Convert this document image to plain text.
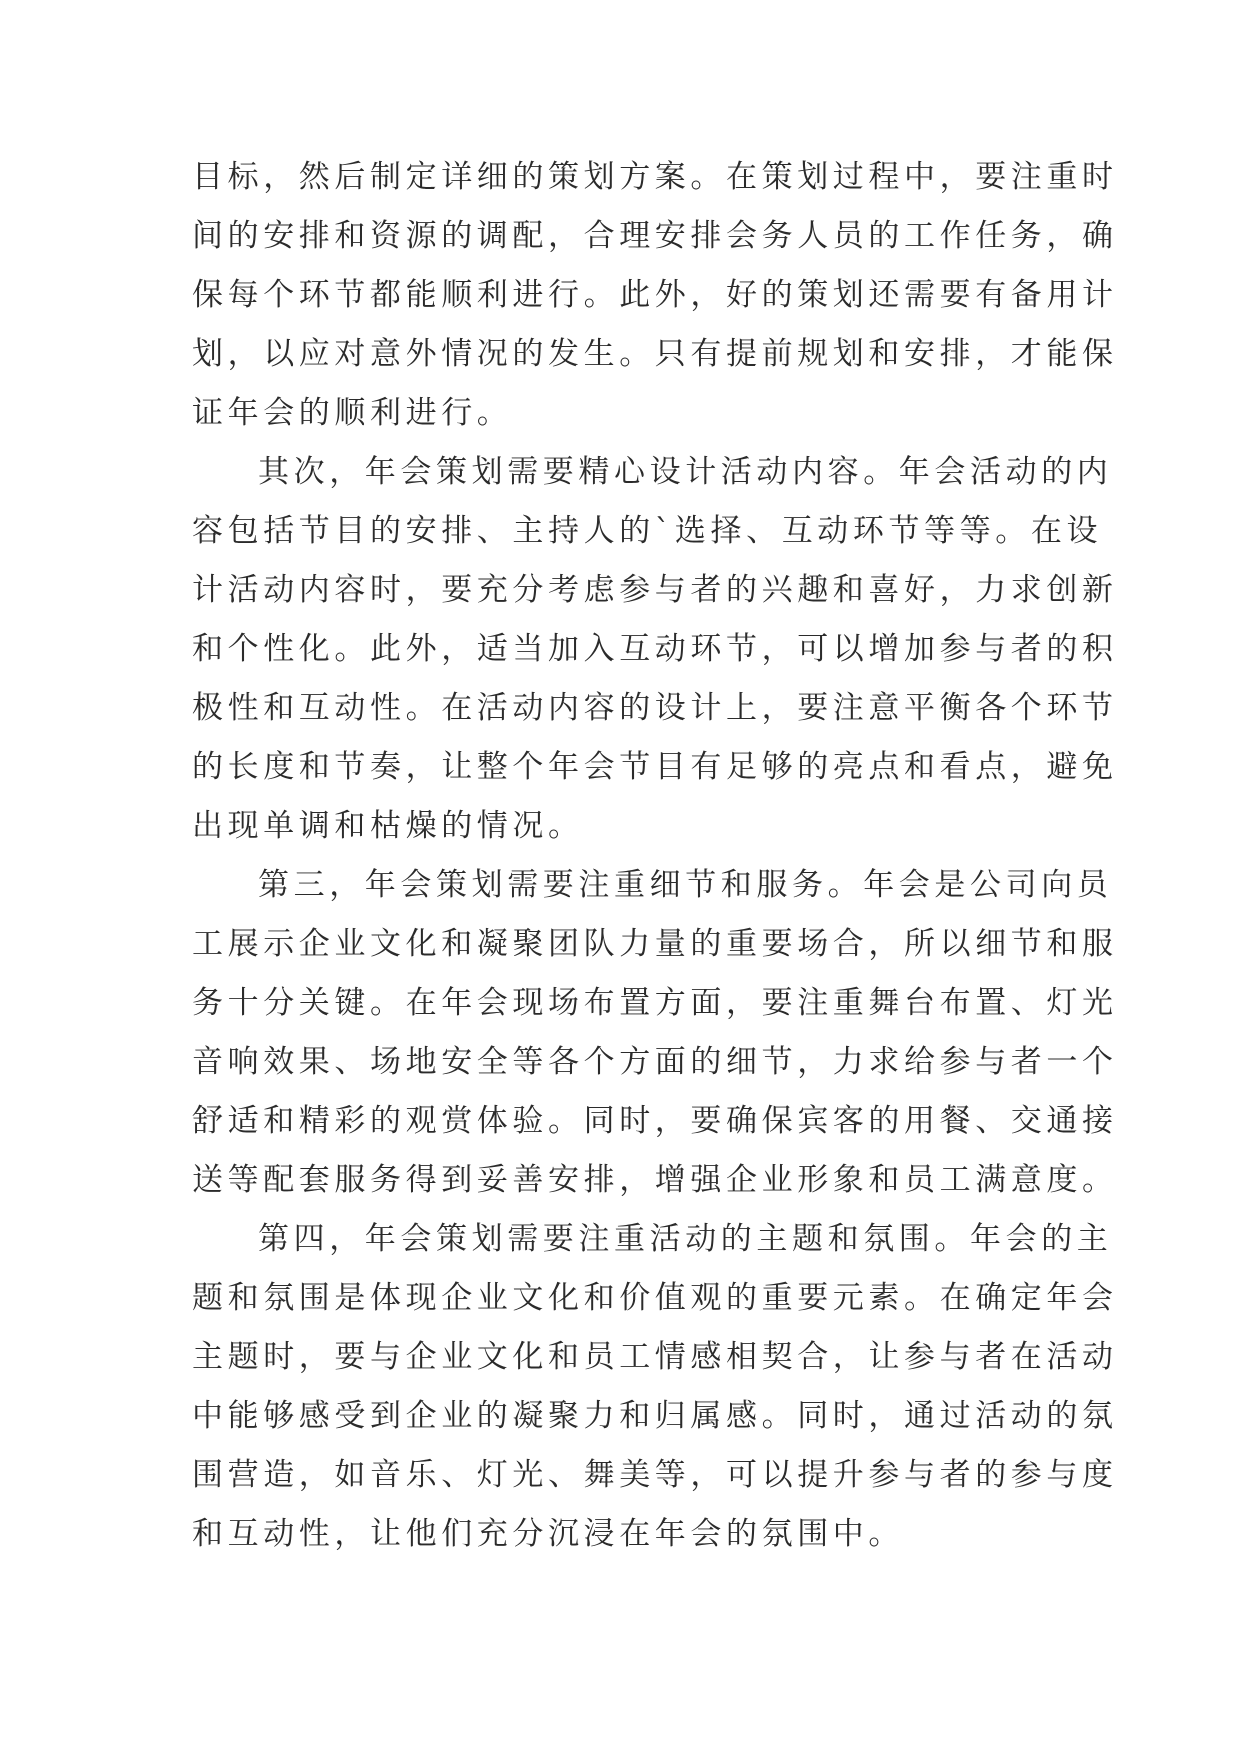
目标，然后制定详细的策划方案。在策划过程中，要注重时
间的安排和资源的调配，合理安排会务人员的工作任务，确
保每个环节都能顺利进行。此外，好的策划还需要有备用计
划，以应对意外情况的发生。只有提前规划和安排，才能保
证年会的顺利进行。
其次，年会策划需要精心设计活动内容。年会活动的内
容包括节目的安排、主持人的`选择、互动环节等等。在设
计活动内容时，要充分考虑参与者的兴趣和喜好，力求创新
和个性化。此外，适当加入互动环节，可以增加参与者的积
极性和互动性。在活动内容的设计上，要注意平衡各个环节
的长度和节奏，让整个年会节目有足够的亮点和看点，避免
出现单调和枯燥的情况。
第三，年会策划需要注重细节和服务。年会是公司向员
工展示企业文化和凝聚团队力量的重要场合，所以细节和服
务十分关键。在年会现场布置方面，要注重舞台布置、灯光
音响效果、场地安全等各个方面的细节，力求给参与者一个
舒适和精彩的观赏体验。同时，要确保宾客的用餐、交通接
送等配套服务得到妥善安排，增强企业形象和员工满意度。
第四，年会策划需要注重活动的主题和氛围。年会的主
题和氛围是体现企业文化和价值观的重要元素。在确定年会
主题时，要与企业文化和员工情感相契合，让参与者在活动
中能够感受到企业的凝聚力和归属感。同时，通过活动的氛
围营造，如音乐、灯光、舞美等，可以提升参与者的参与度
和互动性，让他们充分沉浸在年会的氛围中。
